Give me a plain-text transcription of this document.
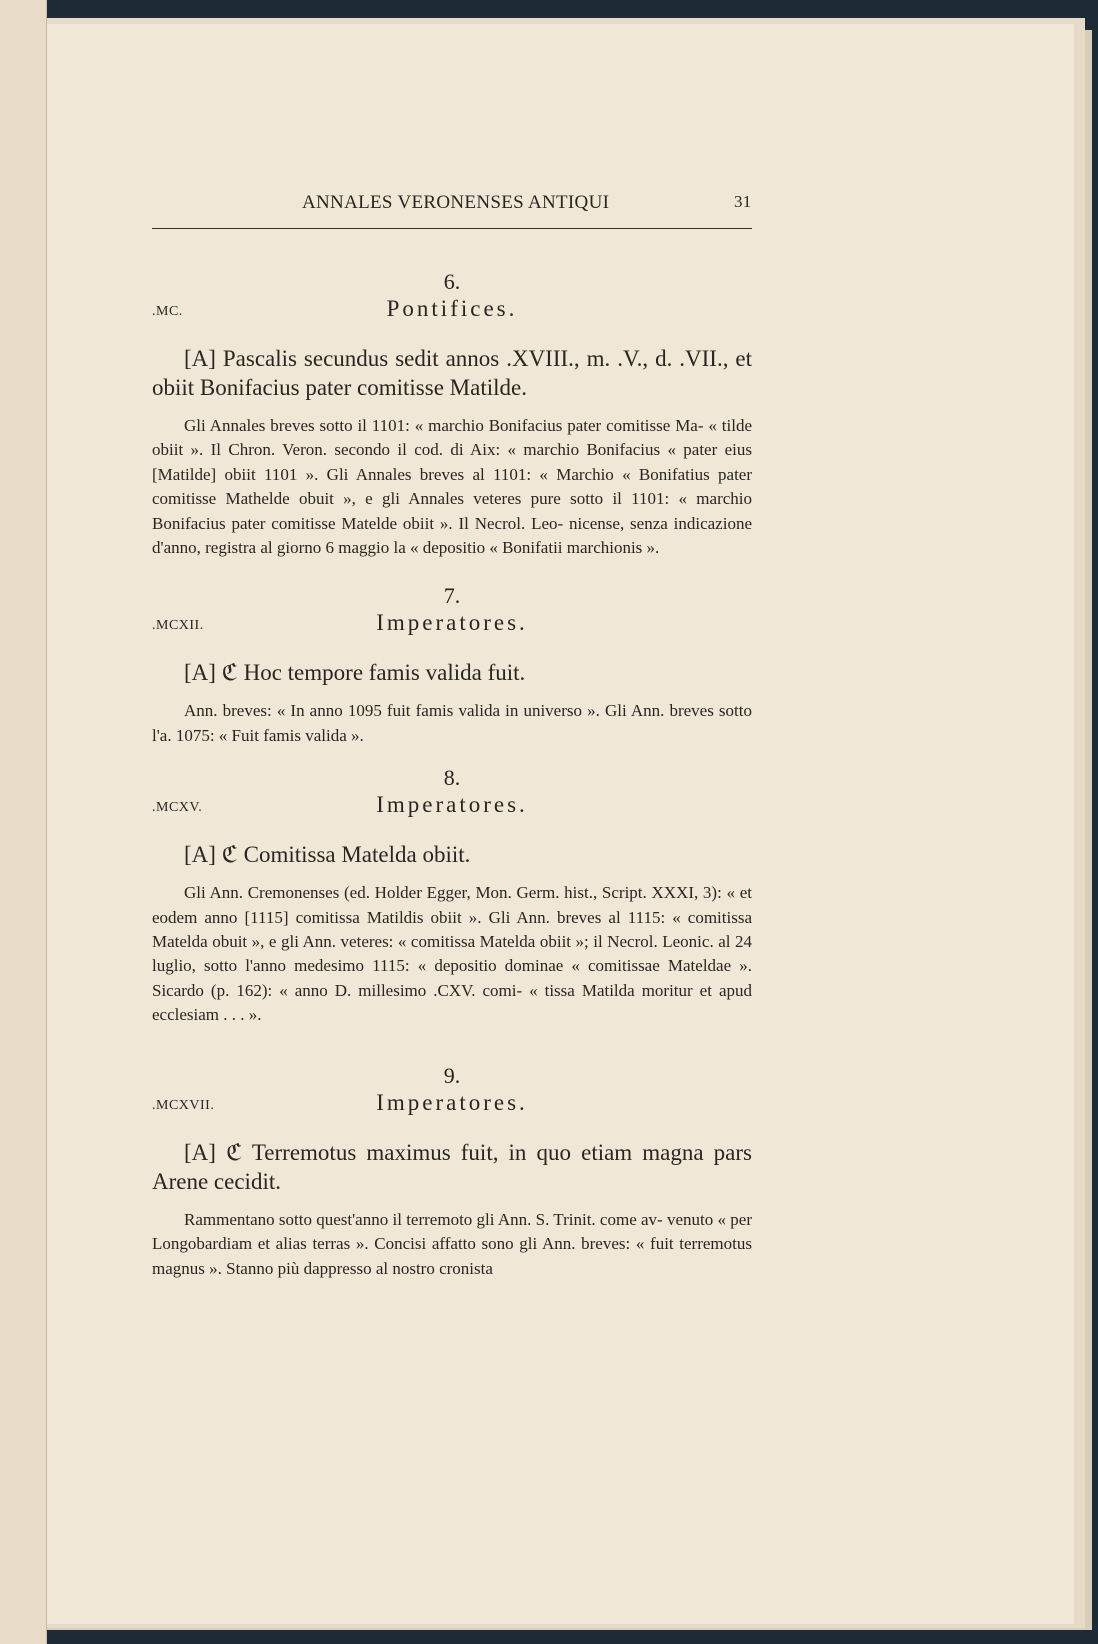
ANNALES VERONENSES ANTIQUI	31
6.
.MC.	Pontifices.

[A] Pascalis secundus sedit annos .XVIII., m. .V., d. .VII., et obiit Bonifacius pater comitisse Matilde.

Gli Annales breves sotto il 1101: « marchio Bonifacius pater comitisse Ma- « tilde obiit ». Il Chron. Veron. secondo il cod. di Aix: « marchio Bonifacius « pater eius [Matilde] obiit 1101 ». Gli Annales breves al 1101: « Marchio « Bonifatius pater comitisse Mathelde obuit », e gli Annales veteres pure sotto il 1101: « marchio Bonifacius pater comitisse Matelde obiit ». Il Necrol. Leo- nicense, senza indicazione d'anno, registra al giorno 6 maggio la « depositio « Bonifatii marchionis ».

7.
.MCXII.	Imperatores.

[A] ℭ Hoc tempore famis valida fuit.

Ann. breves: « In anno 1095 fuit famis valida in universo ». Gli Ann. breves sotto l'a. 1075: « Fuit famis valida ».

8.
.MCXV.	Imperatores.

[A] ℭ Comitissa Matelda obiit.

Gli Ann. Cremonenses (ed. Holder Egger, Mon. Germ. hist., Script. XXXI, 3): « et eodem anno [1115] comitissa Matildis obiit ». Gli Ann. breves al 1115: « comitissa Matelda obuit », e gli Ann. veteres: « comitissa Matelda obiit »; il Necrol. Leonic. al 24 luglio, sotto l'anno medesimo 1115: « depositio dominae « comitissae Mateldae ». Sicardo (p. 162): « anno D. millesimo .CXV. comi- « tissa Matilda moritur et apud ecclesiam . . . ».

9.
.MCXVII.	Imperatores.

[A] ℭ Terremotus maximus fuit, in quo etiam magna pars Arene cecidit.

Rammentano sotto quest'anno il terremoto gli Ann. S. Trinit. come av- venuto « per Longobardiam et alias terras ». Concisi affatto sono gli Ann. breves: « fuit terremotus magnus ». Stanno più dappresso al nostro cronista
